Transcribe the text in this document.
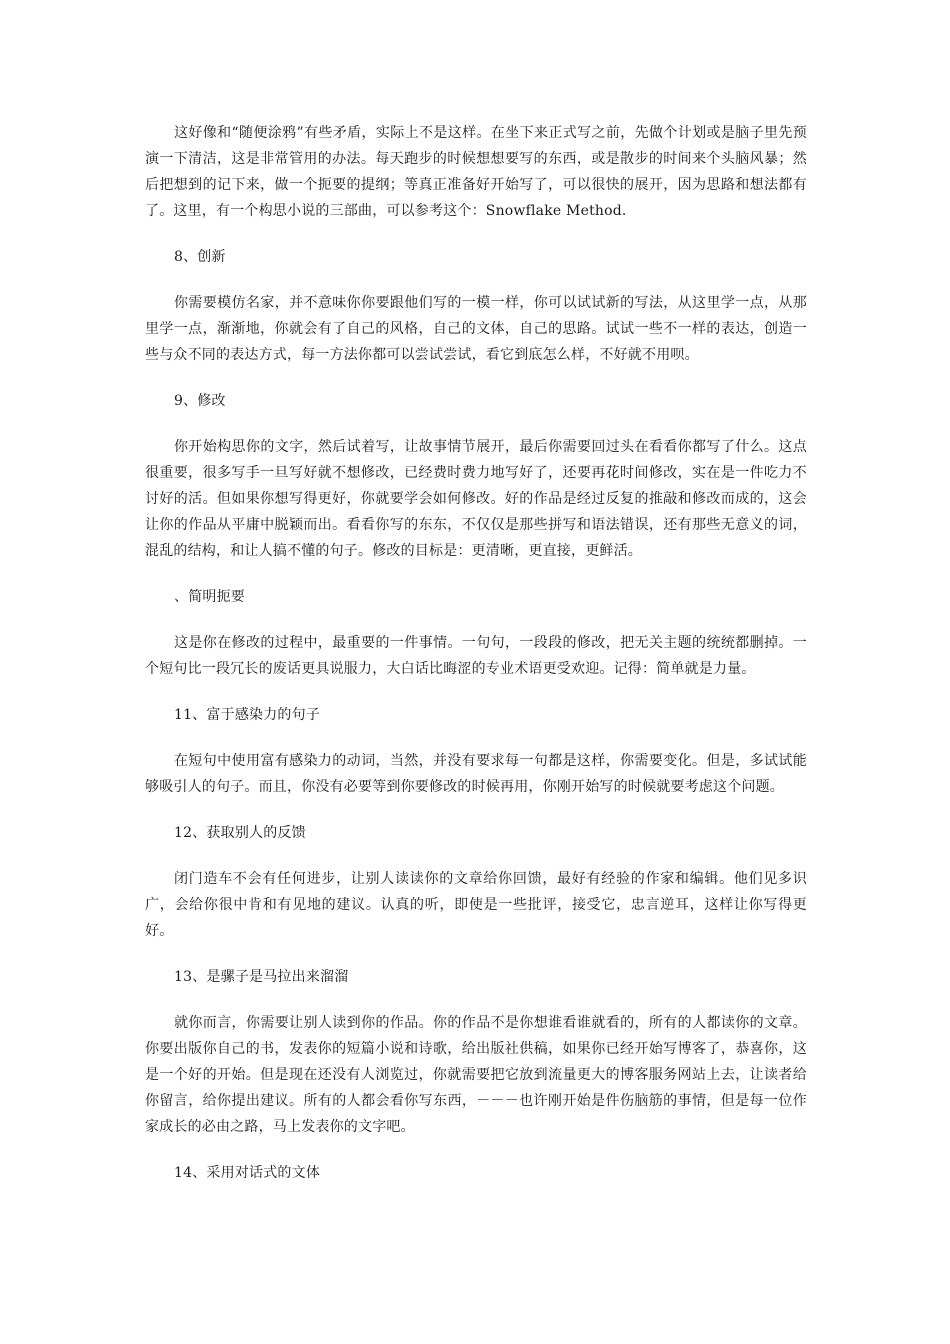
这好像和“随便涂鸦”有些矛盾，实际上不是这样。在坐下来正式写之前，先做个计划或是脑子里先预演一下清洁，这是非常管用的办法。每天跑步的时候想想要写的东西，或是散步的时间来个头脑风暴；然后把想到的记下来，做一个扼要的提纲；等真正准备好开始写了，可以很快的展开，因为思路和想法都有了。这里，有一个构思小说的三部曲，可以参考这个：Snowflake Method.

8、创新

你需要模仿名家，并不意味你你要跟他们写的一模一样，你可以试试新的写法，从这里学一点，从那里学一点，渐渐地，你就会有了自己的风格，自己的文体，自己的思路。试试一些不一样的表达，创造一些与众不同的表达方式，每一方法你都可以尝试尝试，看它到底怎么样，不好就不用呗。

9、修改

你开始构思你的文字，然后试着写，让故事情节展开，最后你需要回过头在看看你都写了什么。这点很重要，很多写手一旦写好就不想修改，已经费时费力地写好了，还要再花时间修改，实在是一件吃力不讨好的活。但如果你想写得更好，你就要学会如何修改。好的作品是经过反复的推敲和修改而成的，这会让你的作品从平庸中脱颖而出。看看你写的东东，不仅仅是那些拼写和语法错误，还有那些无意义的词，混乱的结构，和让人搞不懂的句子。修改的目标是：更清晰，更直接，更鲜活。

、简明扼要

这是你在修改的过程中，最重要的一件事情。一句句，一段段的修改，把无关主题的统统都删掉。一个短句比一段冗长的废话更具说服力，大白话比晦涩的专业术语更受欢迎。记得：简单就是力量。

11、富于感染力的句子

在短句中使用富有感染力的动词，当然，并没有要求每一句都是这样，你需要变化。但是，多试试能够吸引人的句子。而且，你没有必要等到你要修改的时候再用，你刚开始写的时候就要考虑这个问题。

12、获取别人的反馈

闭门造车不会有任何进步，让别人读读你的文章给你回馈，最好有经验的作家和编辑。他们见多识广，会给你很中肯和有见地的建议。认真的听，即使是一些批评，接受它，忠言逆耳，这样让你写得更好。

13、是骡子是马拉出来溜溜

就你而言，你需要让别人读到你的作品。你的作品不是你想谁看谁就看的，所有的人都读你的文章。你要出版你自己的书，发表你的短篇小说和诗歌，给出版社供稿，如果你已经开始写博客了，恭喜你，这是一个好的开始。但是现在还没有人浏览过，你就需要把它放到流量更大的博客服务网站上去，让读者给你留言，给你提出建议。所有的人都会看你写东西，－－－也许刚开始是件伤脑筋的事情，但是每一位作家成长的必由之路，马上发表你的文字吧。

14、采用对话式的文体
